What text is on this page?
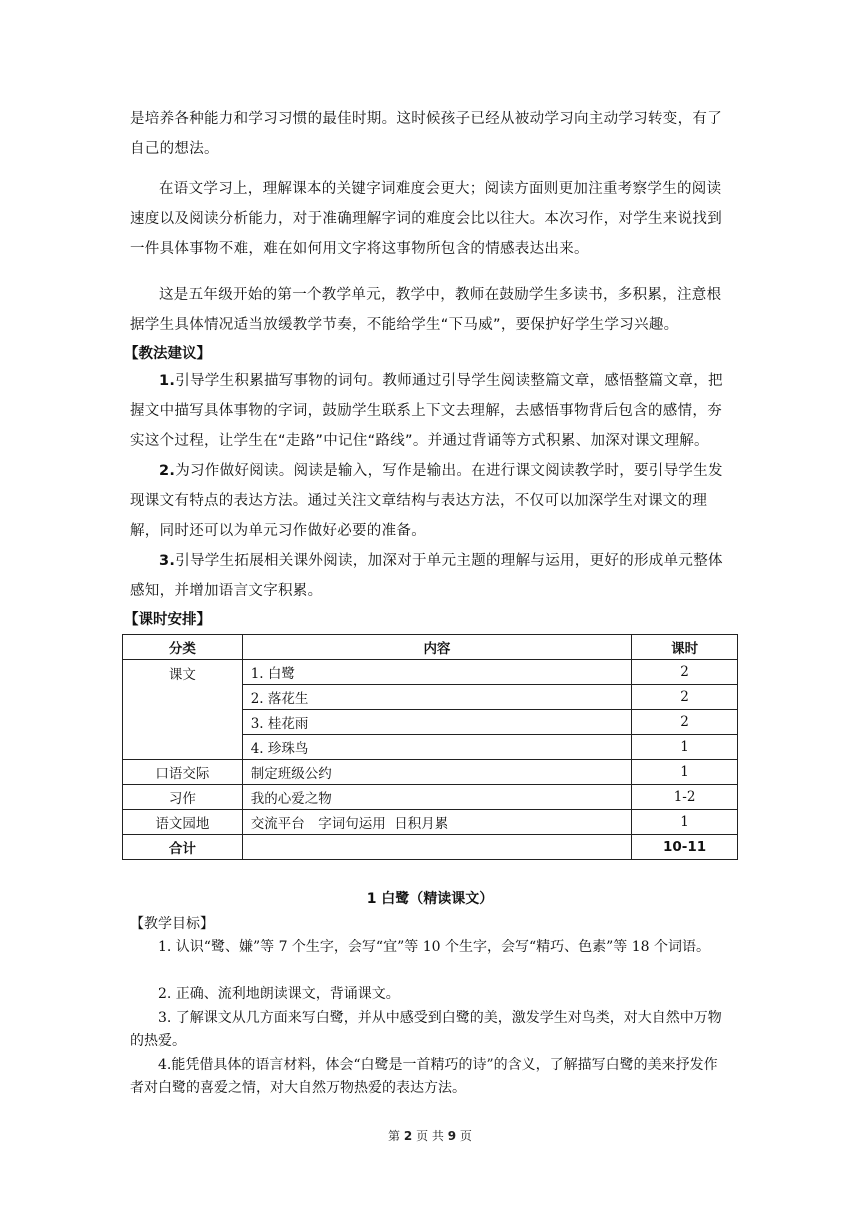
是培养各种能力和学习习惯的最佳时期。这时候孩子已经从被动学习向主动学习转变，有了自己的想法。

在语文学习上，理解课本的关键字词难度会更大；阅读方面则更加注重考察学生的阅读速度以及阅读分析能力，对于准确理解字词的难度会比以往大。本次习作，对学生来说找到一件具体事物不难，难在如何用文字将这事物所包含的情感表达出来。

这是五年级开始的第一个教学单元，教学中，教师在鼓励学生多读书，多积累，注意根据学生具体情况适当放缓教学节奏，不能给学生“下马威”，要保护好学生学习兴趣。

【教法建议】

1.引导学生积累描写事物的词句。教师通过引导学生阅读整篇文章，感悟整篇文章，把握文中描写具体事物的字词，鼓励学生联系上下文去理解，去感悟事物背后包含的感情，夯实这个过程，让学生在“走路”中记住“路线”。并通过背诵等方式积累、加深对课文理解。

2.为习作做好阅读。阅读是输入，写作是输出。在进行课文阅读教学时，要引导学生发现课文有特点的表达方法。通过关注文章结构与表达方法，不仅可以加深学生对课文的理解，同时还可以为单元习作做好必要的准备。

3.引导学生拓展相关课外阅读，加深对于单元主题的理解与运用，更好的形成单元整体感知，并增加语言文字积累。

【课时安排】

分类	内容	课时
课文	1. 白鹭	2
	2. 落花生	2
	3. 桂花雨	2
	4. 珍珠鸟	1
口语交际	制定班级公约	1
习作	我的心爱之物	1-2
语文园地	交流平台　字词句运用  日积月累	1
合计		10-11

1 白鹭（精读课文）

【教学目标】

1. 认识“鹭、嫌”等 7 个生字，会写“宜”等 10 个生字，会写“精巧、色素”等 18 个词语。

2. 正确、流利地朗读课文，背诵课文。

3. 了解课文从几方面来写白鹭，并从中感受到白鹭的美，激发学生对鸟类，对大自然中万物的热爱。

4.能凭借具体的语言材料，体会“白鹭是一首精巧的诗”的含义，了解描写白鹭的美来抒发作者对白鹭的喜爱之情，对大自然万物热爱的表达方法。

第 2 页 共 9 页
